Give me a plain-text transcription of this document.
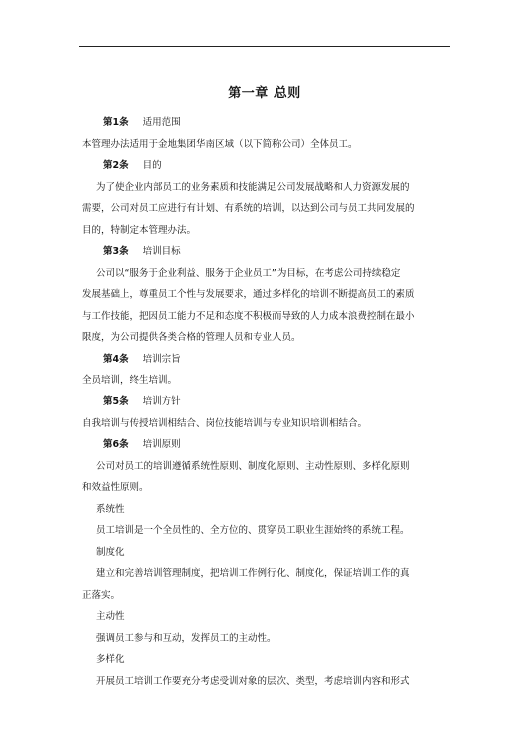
第一章 总则
第1条 适用范围
本管理办法适用于金地集团华南区域（以下简称公司）全体员工。
第2条 目的
为了使企业内部员工的业务素质和技能满足公司发展战略和人力资源发展的
需要，公司对员工应进行有计划、有系统的培训，以达到公司与员工共同发展的
目的，特制定本管理办法。
第3条 培训目标
公司以“服务于企业利益、服务于企业员工”为目标，在考虑公司持续稳定
发展基础上，尊重员工个性与发展要求，通过多样化的培训不断提高员工的素质
与工作技能，把因员工能力不足和态度不积极而导致的人力成本浪费控制在最小
限度，为公司提供各类合格的管理人员和专业人员。
第4条 培训宗旨
全员培训，终生培训。
第5条 培训方针
自我培训与传授培训相结合、岗位技能培训与专业知识培训相结合。
第6条 培训原则
公司对员工的培训遵循系统性原则、制度化原则、主动性原则、多样化原则
和效益性原则。
系统性
员工培训是一个全员性的、全方位的、贯穿员工职业生涯始终的系统工程。
制度化
建立和完善培训管理制度，把培训工作例行化、制度化，保证培训工作的真
正落实。
主动性
强调员工参与和互动，发挥员工的主动性。
多样化
开展员工培训工作要充分考虑受训对象的层次、类型，考虑培训内容和形式
